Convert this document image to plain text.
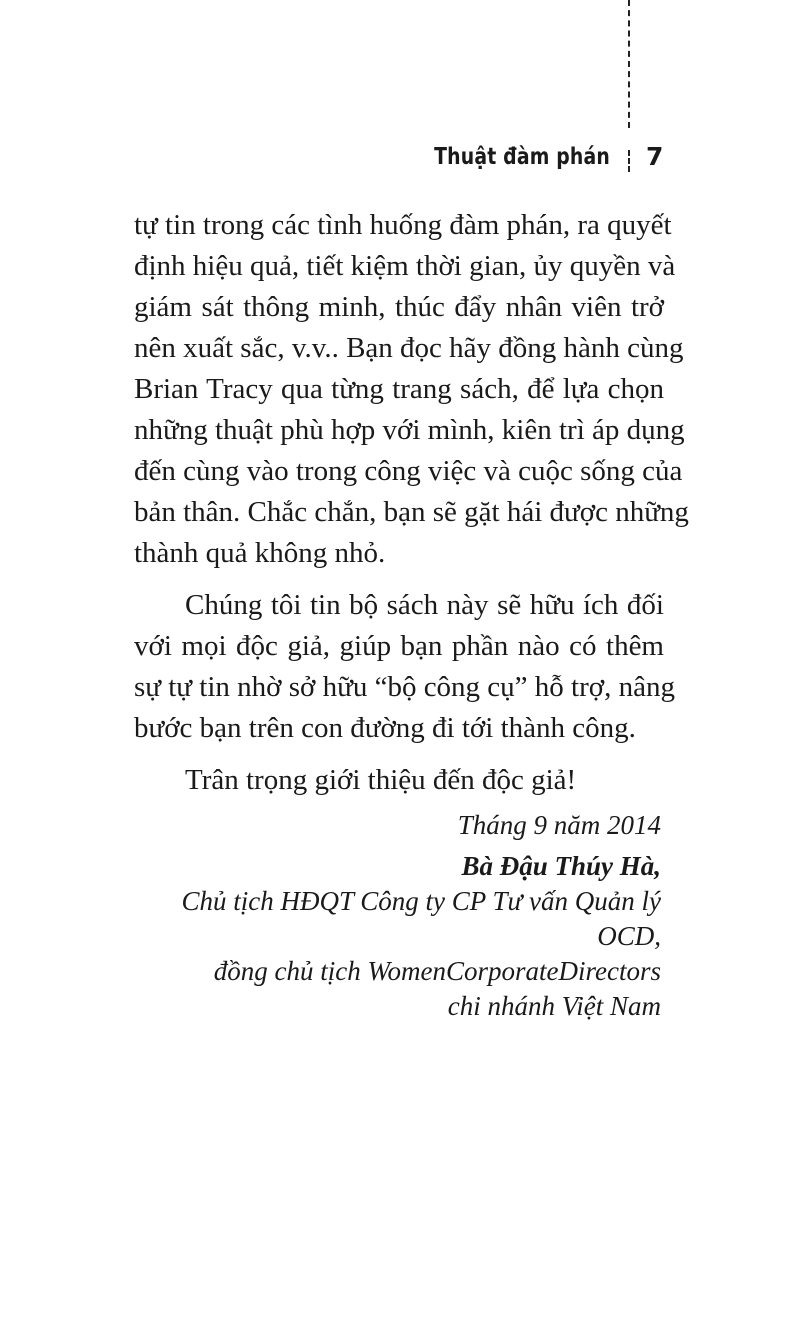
Thuật đàm phán 7
tự tin trong các tình huống đàm phán, ra quyết
định hiệu quả, tiết kiệm thời gian, ủy quyền và
giám sát thông minh, thúc đẩy nhân viên trở
nên xuất sắc, v.v.. Bạn đọc hãy đồng hành cùng
Brian Tracy qua từng trang sách, để lựa chọn
những thuật phù hợp với mình, kiên trì áp dụng
đến cùng vào trong công việc và cuộc sống của
bản thân. Chắc chắn, bạn sẽ gặt hái được những
thành quả không nhỏ.
Chúng tôi tin bộ sách này sẽ hữu ích đối
với mọi độc giả, giúp bạn phần nào có thêm
sự tự tin nhờ sở hữu “bộ công cụ” hỗ trợ, nâng
bước bạn trên con đường đi tới thành công.
Trân trọng giới thiệu đến độc giả!
Tháng 9 năm 2014
Bà Đậu Thúy Hà,
Chủ tịch HĐQT Công ty CP Tư vấn Quản lý OCD,
đồng chủ tịch WomenCorporateDirectors
chi nhánh Việt Nam
